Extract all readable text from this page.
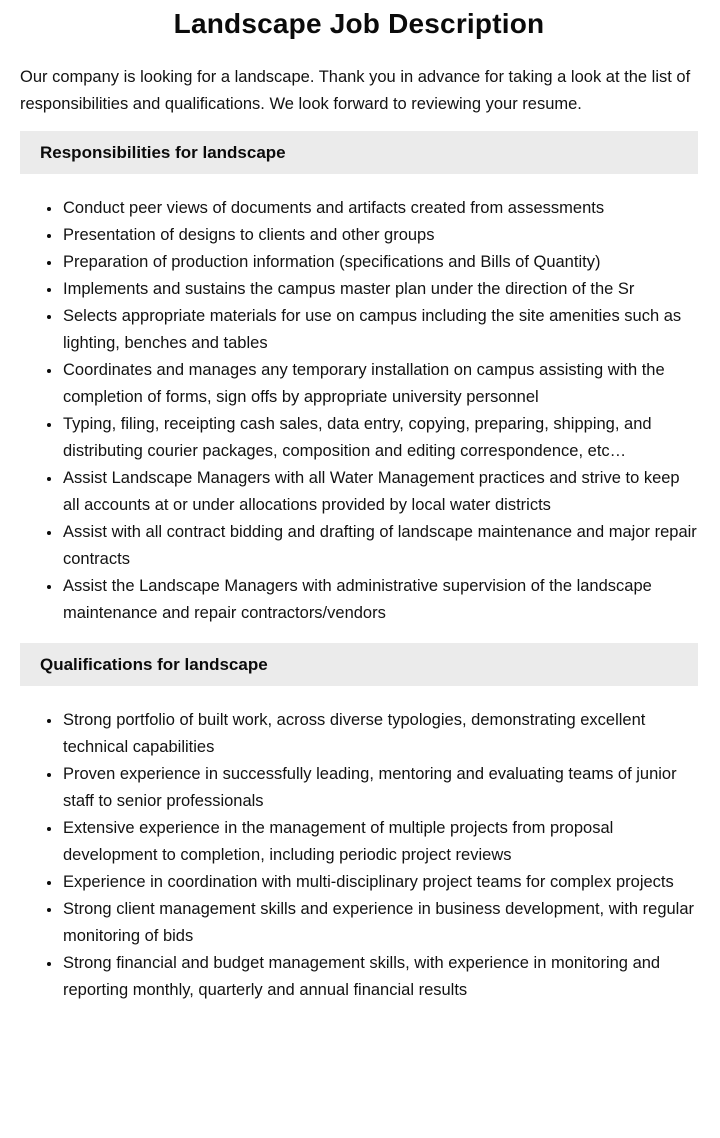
Landscape Job Description

Our company is looking for a landscape. Thank you in advance for taking a look at the list of responsibilities and qualifications. We look forward to reviewing your resume.

Responsibilities for landscape
• Conduct peer views of documents and artifacts created from assessments
• Presentation of designs to clients and other groups
• Preparation of production information (specifications and Bills of Quantity)
• Implements and sustains the campus master plan under the direction of the Sr
• Selects appropriate materials for use on campus including the site amenities such as lighting, benches and tables
• Coordinates and manages any temporary installation on campus assisting with the completion of forms, sign offs by appropriate university personnel
• Typing, filing, receipting cash sales, data entry, copying, preparing, shipping, and distributing courier packages, composition and editing correspondence, etc…
• Assist Landscape Managers with all Water Management practices and strive to keep all accounts at or under allocations provided by local water districts
• Assist with all contract bidding and drafting of landscape maintenance and major repair contracts
• Assist the Landscape Managers with administrative supervision of the landscape maintenance and repair contractors/vendors
Qualifications for landscape
• Strong portfolio of built work, across diverse typologies, demonstrating excellent technical capabilities
• Proven experience in successfully leading, mentoring and evaluating teams of junior staff to senior professionals
• Extensive experience in the management of multiple projects from proposal development to completion, including periodic project reviews
• Experience in coordination with multi-disciplinary project teams for complex projects
• Strong client management skills and experience in business development, with regular monitoring of bids
• Strong financial and budget management skills, with experience in monitoring and reporting monthly, quarterly and annual financial results
